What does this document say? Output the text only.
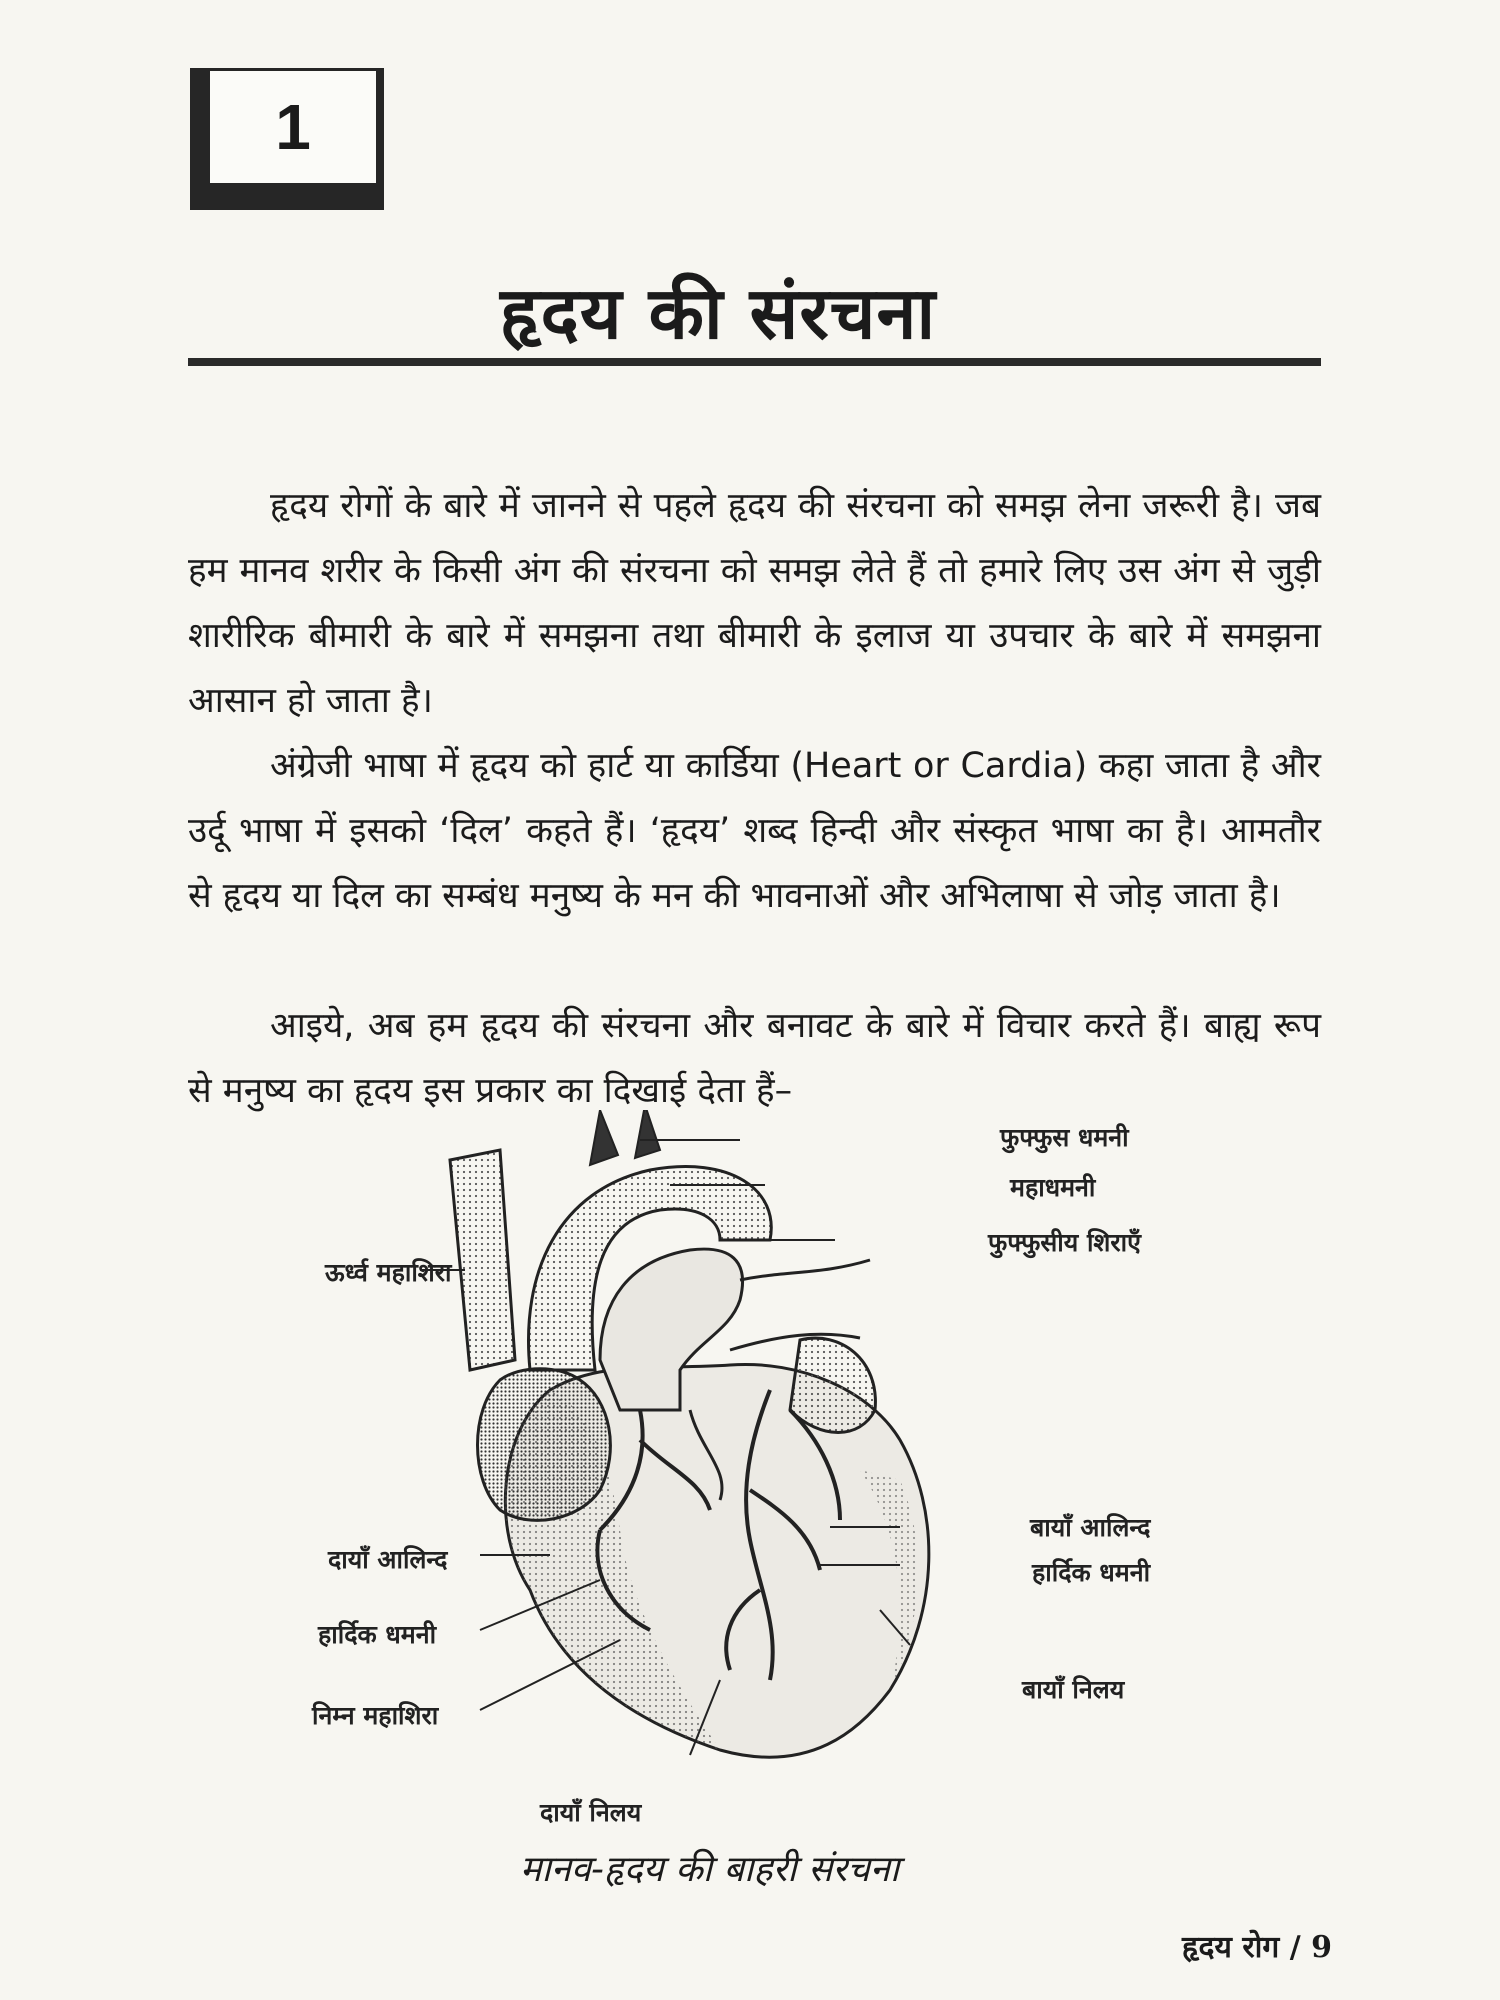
1
हृदय की संरचना
हृदय रोगों के बारे में जानने से पहले हृदय की संरचना को समझ लेना जरूरी है। जब हम मानव शरीर के किसी अंग की संरचना को समझ लेते हैं तो हमारे लिए उस अंग से जुड़ी शारीरिक बीमारी के बारे में समझना तथा बीमारी के इलाज या उपचार के बारे में समझना आसान हो जाता है।
अंग्रेजी भाषा में हृदय को हार्ट या कार्डिया (Heart or Cardia) कहा जाता है और उर्दू भाषा में इसको ‘दिल’ कहते हैं। ‘हृदय’ शब्द हिन्दी और संस्कृत भाषा का है। आमतौर से हृदय या दिल का सम्बंध मनुष्य के मन की भावनाओं और अभिलाषा से जोड़ जाता है।
आइये, अब हम हृदय की संरचना और बनावट के बारे में विचार करते हैं। बाह्य रूप से मनुष्य का हृदय इस प्रकार का दिखाई देता हैं–
फुफ्फुस धमनी
महाधमनी
फुफ्फुसीय शिराएँ
ऊर्ध्व महाशिरा
बायाँ आलिन्द
हार्दिक धमनी
दायाँ आलिन्द
हार्दिक धमनी
बायाँ निलय
निम्न महाशिरा
दायाँ निलय
मानव-हृदय की बाहरी संरचना
हृदय रोग / 9
